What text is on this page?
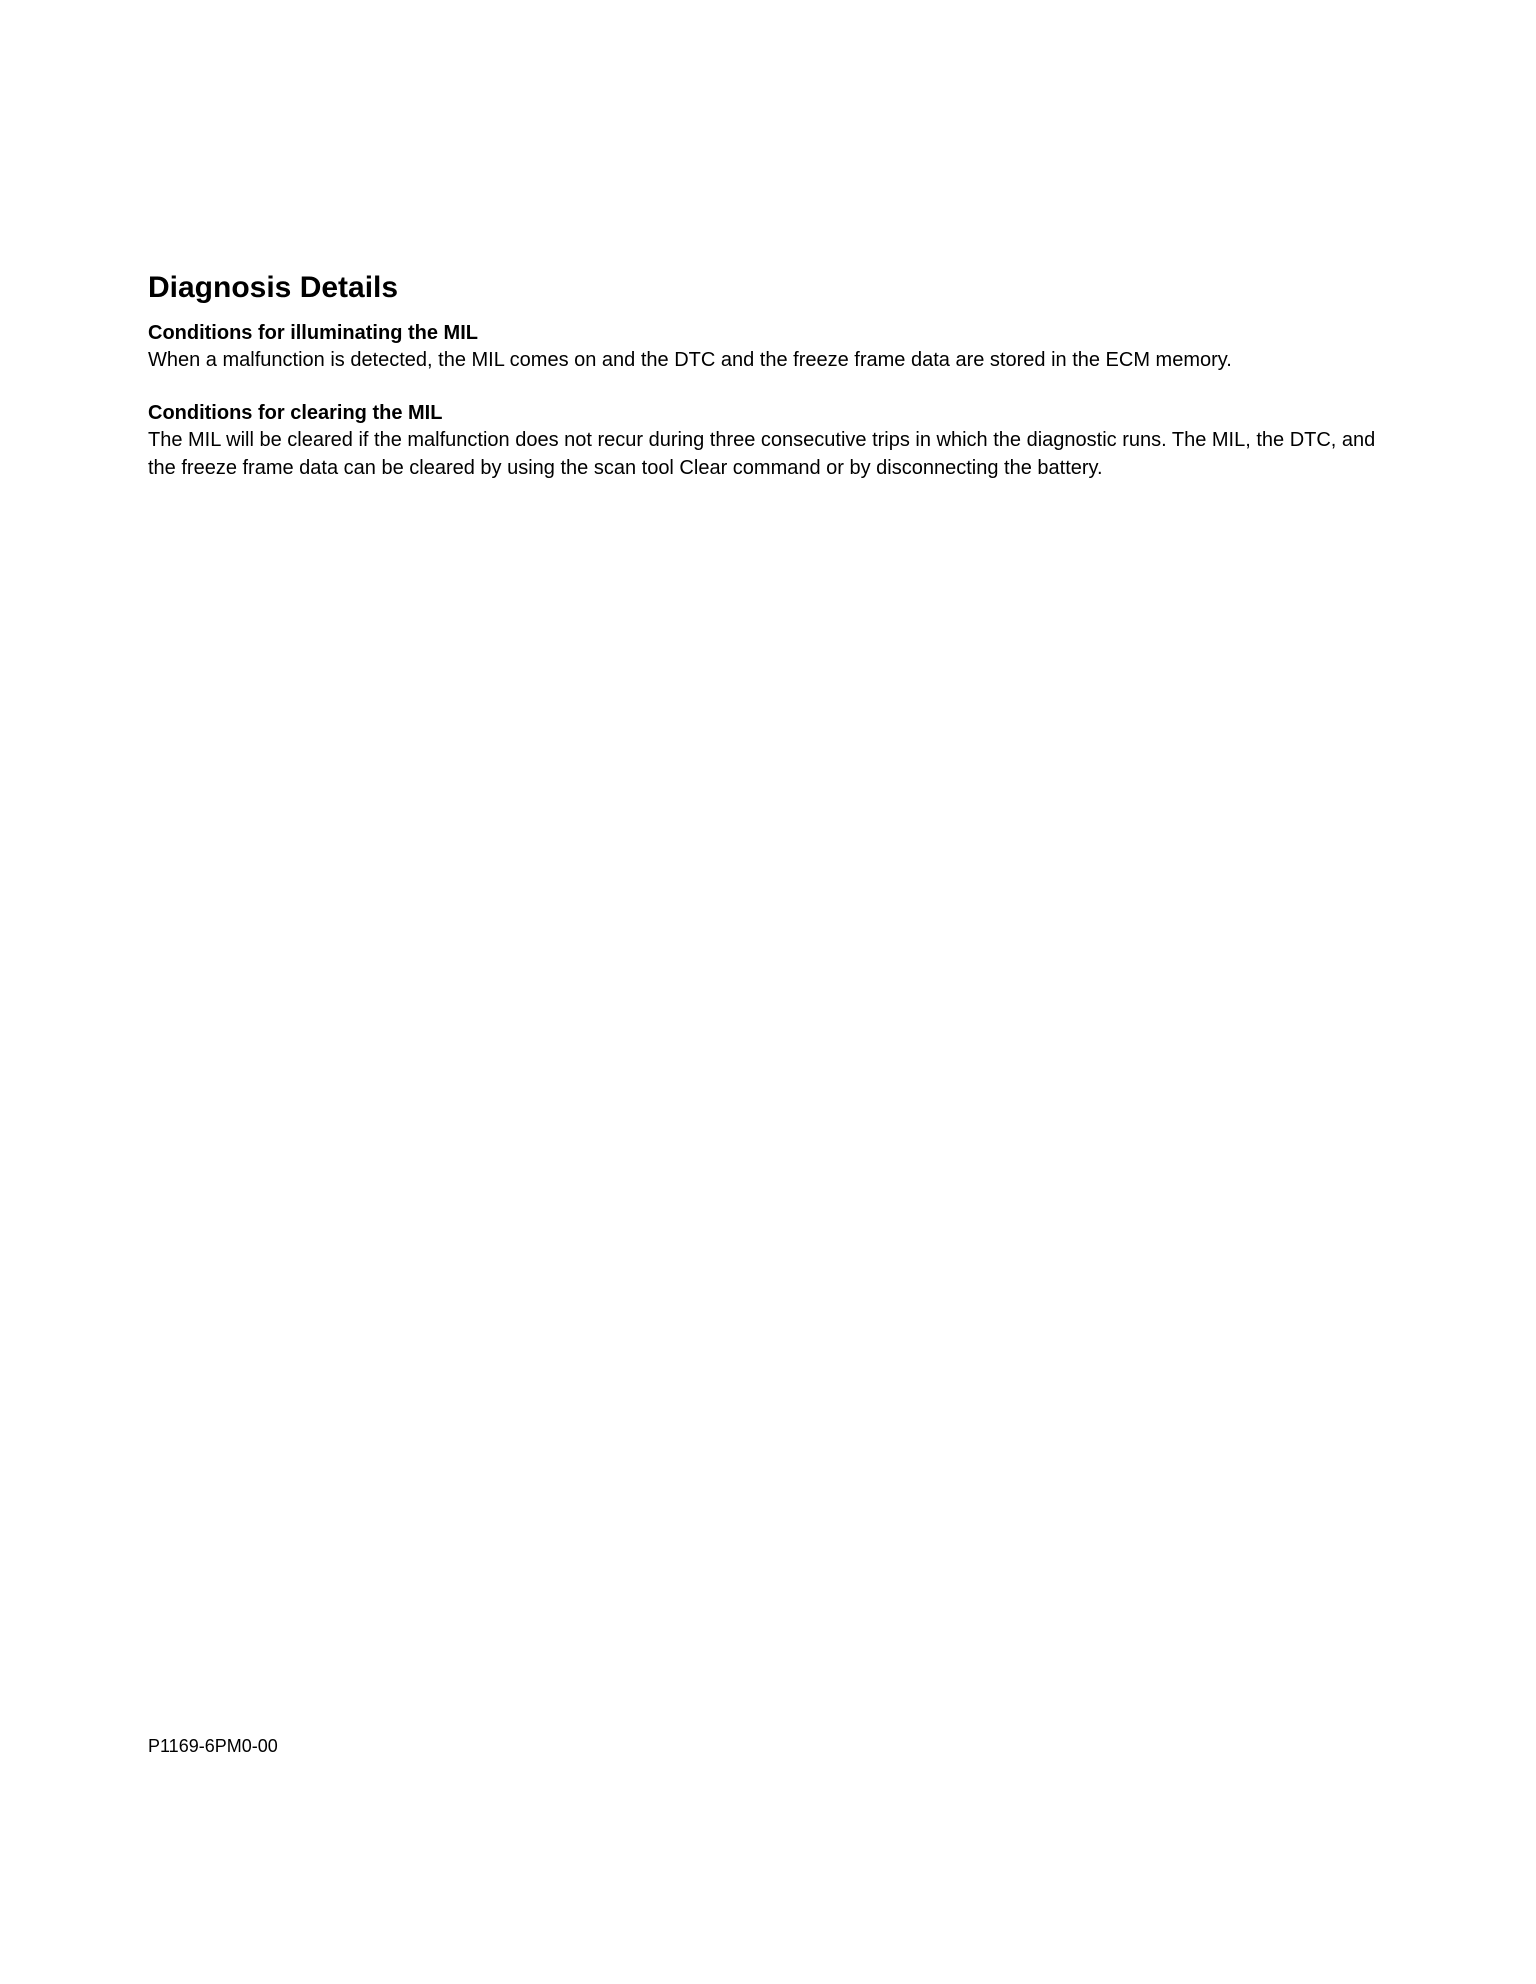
Diagnosis Details

Conditions for illuminating the MIL

When a malfunction is detected, the MIL comes on and the DTC and the freeze frame data are stored in the ECM memory.

Conditions for clearing the MIL

The MIL will be cleared if the malfunction does not recur during three consecutive trips in which the diagnostic runs. The MIL, the DTC, and the freeze frame data can be cleared by using the scan tool Clear command or by disconnecting the battery.

P1169-6PM0-00
